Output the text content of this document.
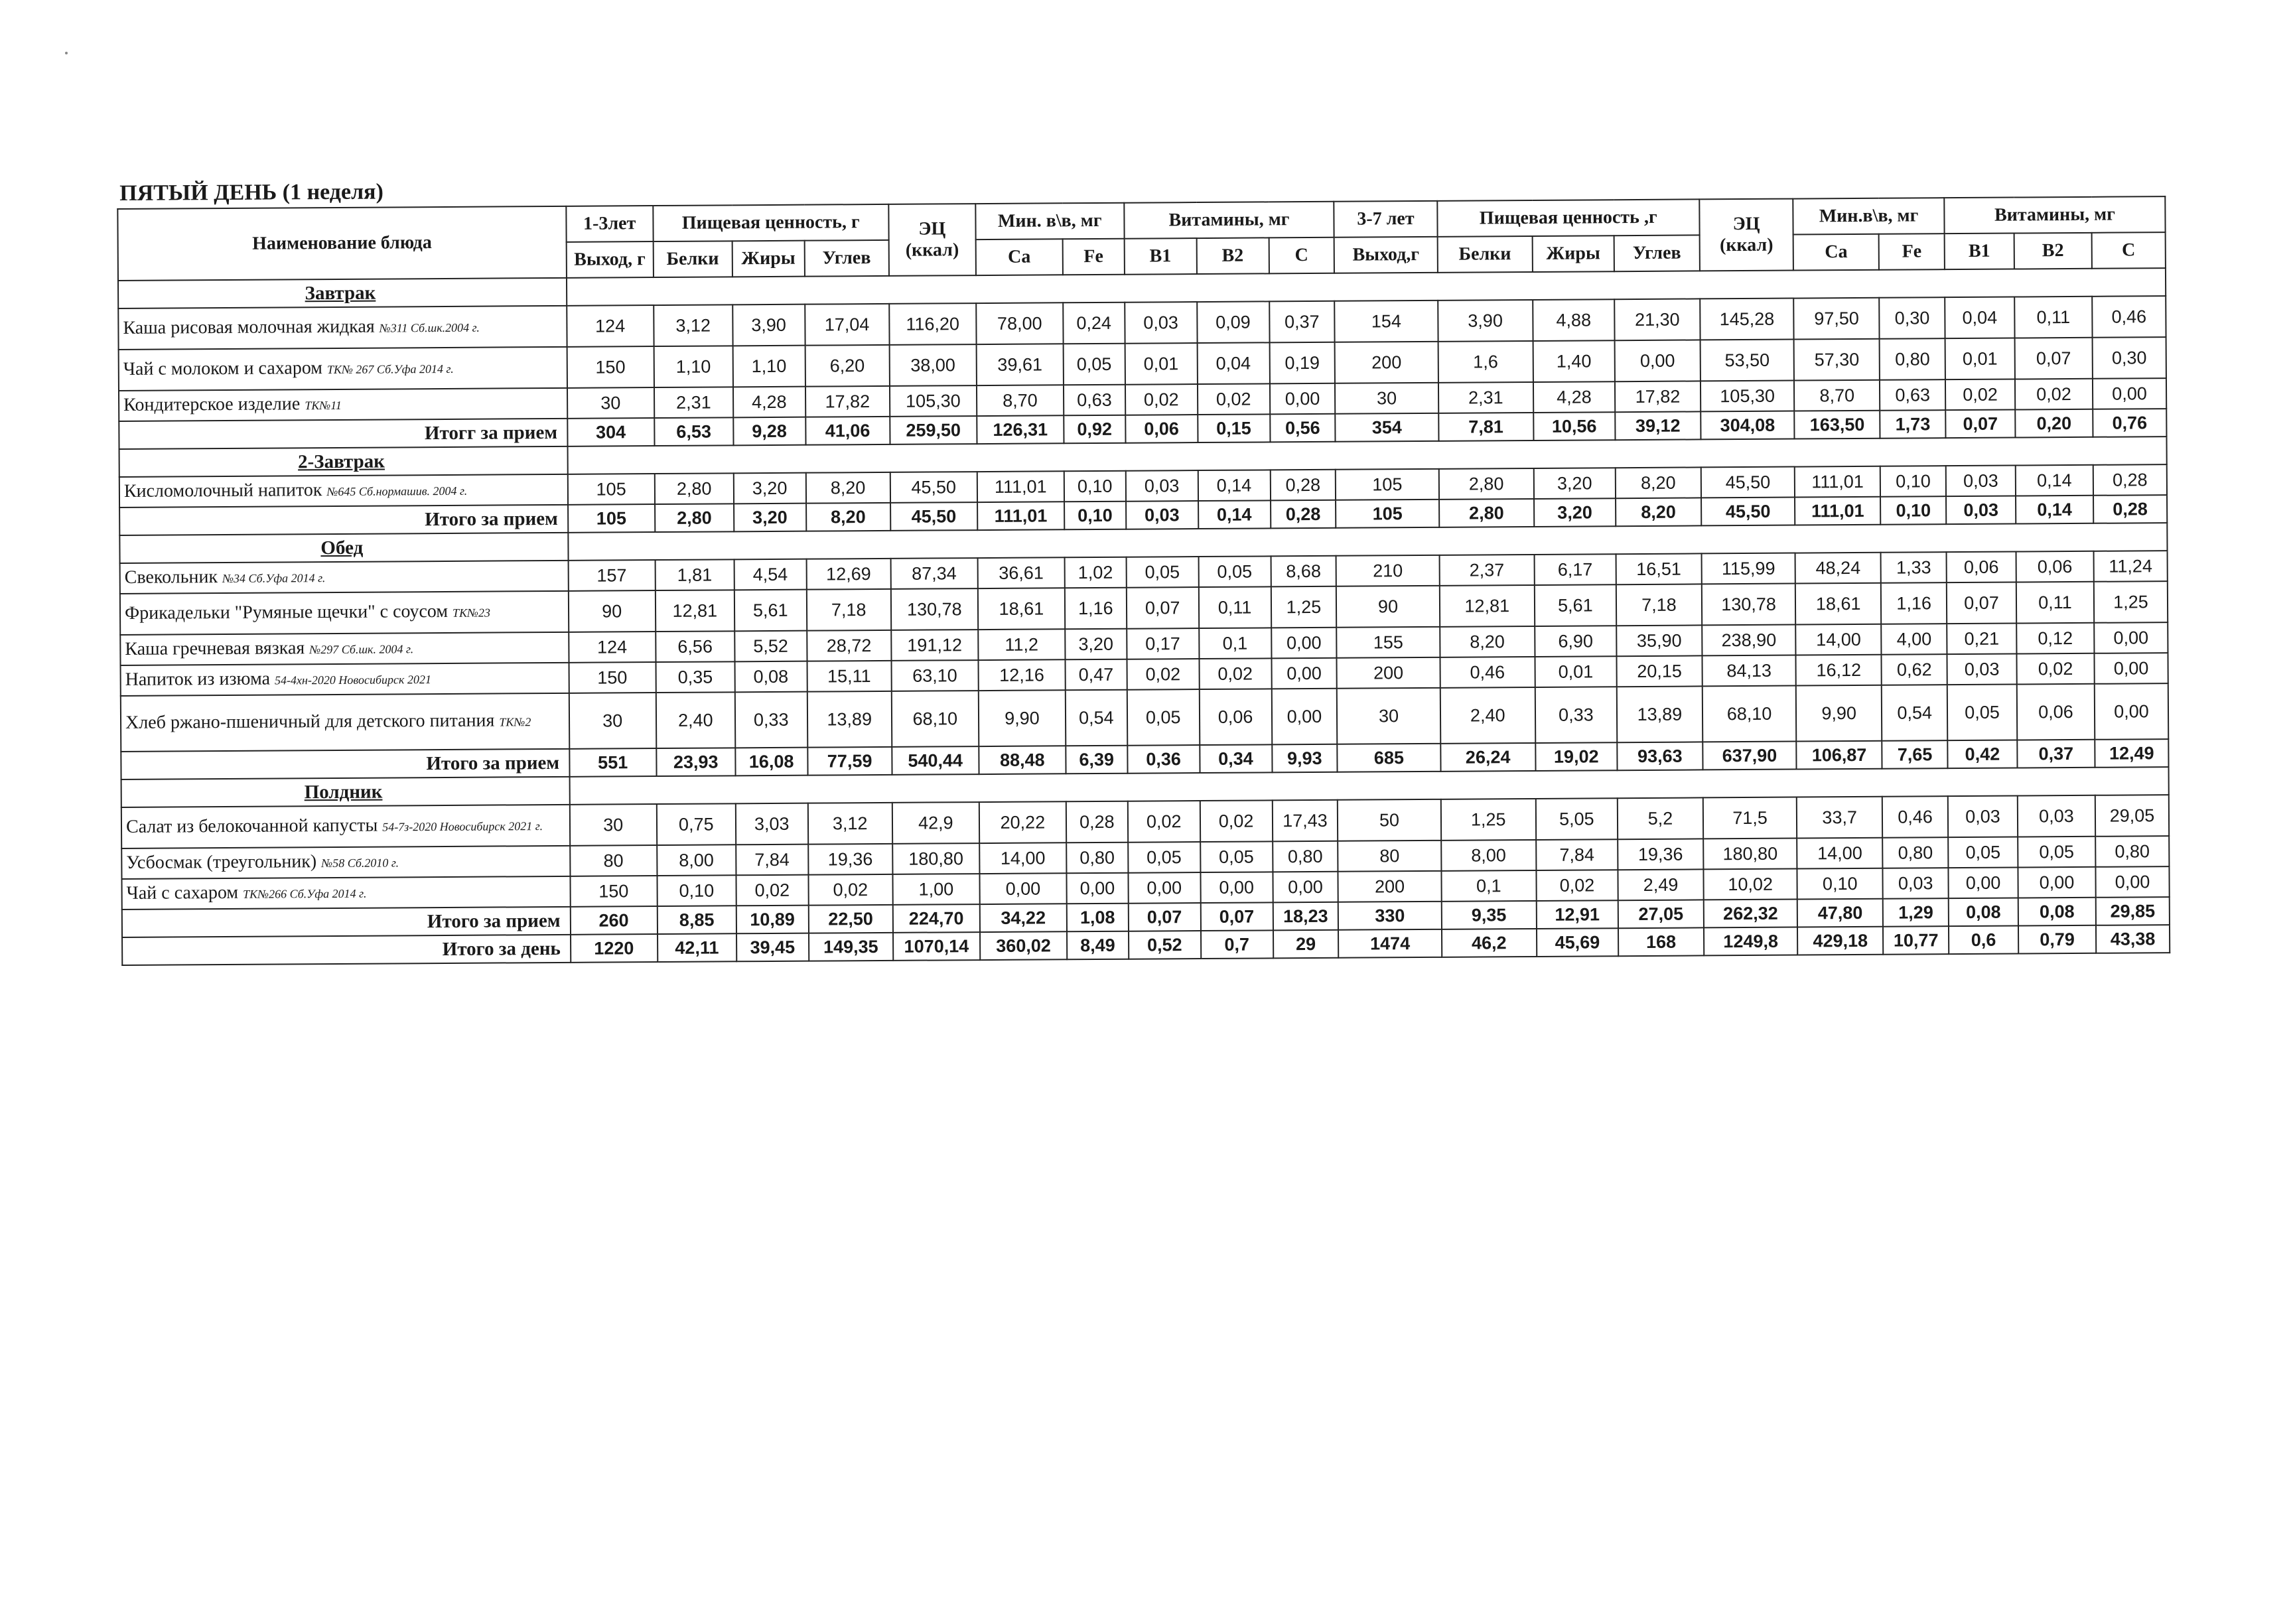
ПЯТЫЙ ДЕНЬ (1 неделя)
Наименование блюда	1-3лет	Пищевая ценность, г			ЭЦ
(ккал)	Мин. в\в, мг		Витамины, мг			3-7 лет	Пищевая ценность ,г			ЭЦ
(ккал)	Мин.в\в, мг		Витамины, мг		
	Выход, г	Белки	Жиры	Углев		Са	Fe	B1	B2	C	Выход,г	Белки	Жиры	Углев		Са	Fe	B1	B2	C
Завтрак																				
Каша рисовая молочная жидкая №311 Сб.шк.2004 г.	124	3,12	3,90	17,04	116,20	78,00	0,24	0,03	0,09	0,37	154	3,90	4,88	21,30	145,28	97,50	0,30	0,04	0,11	0,46
Чай с молоком и сахаром ТК№ 267 Сб.Уфа 2014 г.	150	1,10	1,10	6,20	38,00	39,61	0,05	0,01	0,04	0,19	200	1,6	1,40	0,00	53,50	57,30	0,80	0,01	0,07	0,30
Кондитерское изделие ТК№11	30	2,31	4,28	17,82	105,30	8,70	0,63	0,02	0,02	0,00	30	2,31	4,28	17,82	105,30	8,70	0,63	0,02	0,02	0,00
Итогг за прием	304	6,53	9,28	41,06	259,50	126,31	0,92	0,06	0,15	0,56	354	7,81	10,56	39,12	304,08	163,50	1,73	0,07	0,20	0,76
2-Завтрак																				
Кисломолочный напиток №645 Сб.нормашив. 2004 г.	105	2,80	3,20	8,20	45,50	111,01	0,10	0,03	0,14	0,28	105	2,80	3,20	8,20	45,50	111,01	0,10	0,03	0,14	0,28
Итого за прием	105	2,80	3,20	8,20	45,50	111,01	0,10	0,03	0,14	0,28	105	2,80	3,20	8,20	45,50	111,01	0,10	0,03	0,14	0,28
Обед																				
Свекольник №34 Сб.Уфа 2014 г.	157	1,81	4,54	12,69	87,34	36,61	1,02	0,05	0,05	8,68	210	2,37	6,17	16,51	115,99	48,24	1,33	0,06	0,06	11,24
Фрикадельки "Румяные щечки" с соусом ТК№23	90	12,81	5,61	7,18	130,78	18,61	1,16	0,07	0,11	1,25	90	12,81	5,61	7,18	130,78	18,61	1,16	0,07	0,11	1,25
Каша гречневая вязкая №297 Сб.шк. 2004 г.	124	6,56	5,52	28,72	191,12	11,2	3,20	0,17	0,1	0,00	155	8,20	6,90	35,90	238,90	14,00	4,00	0,21	0,12	0,00
Напиток из изюма 54-4хн-2020 Новосибирск 2021	150	0,35	0,08	15,11	63,10	12,16	0,47	0,02	0,02	0,00	200	0,46	0,01	20,15	84,13	16,12	0,62	0,03	0,02	0,00
Хлеб ржано-пшеничный для детского питания ТК№2	30	2,40	0,33	13,89	68,10	9,90	0,54	0,05	0,06	0,00	30	2,40	0,33	13,89	68,10	9,90	0,54	0,05	0,06	0,00
Итого за прием	551	23,93	16,08	77,59	540,44	88,48	6,39	0,36	0,34	9,93	685	26,24	19,02	93,63	637,90	106,87	7,65	0,42	0,37	12,49
Полдник																				
Салат из белокочанной капусты 54-7з-2020 Новосибирск 2021 г.	30	0,75	3,03	3,12	42,9	20,22	0,28	0,02	0,02	17,43	50	1,25	5,05	5,2	71,5	33,7	0,46	0,03	0,03	29,05
Усбосмак (треугольник) №58 Сб.2010 г.	80	8,00	7,84	19,36	180,80	14,00	0,80	0,05	0,05	0,80	80	8,00	7,84	19,36	180,80	14,00	0,80	0,05	0,05	0,80
Чай с сахаром ТК№266 Сб.Уфа 2014 г.	150	0,10	0,02	0,02	1,00	0,00	0,00	0,00	0,00	0,00	200	0,1	0,02	2,49	10,02	0,10	0,03	0,00	0,00	0,00
Итого за прием	260	8,85	10,89	22,50	224,70	34,22	1,08	0,07	0,07	18,23	330	9,35	12,91	27,05	262,32	47,80	1,29	0,08	0,08	29,85
Итого за день	1220	42,11	39,45	149,35	1070,14	360,02	8,49	0,52	0,7	29	1474	46,2	45,69	168	1249,8	429,18	10,77	0,6	0,79	43,38
